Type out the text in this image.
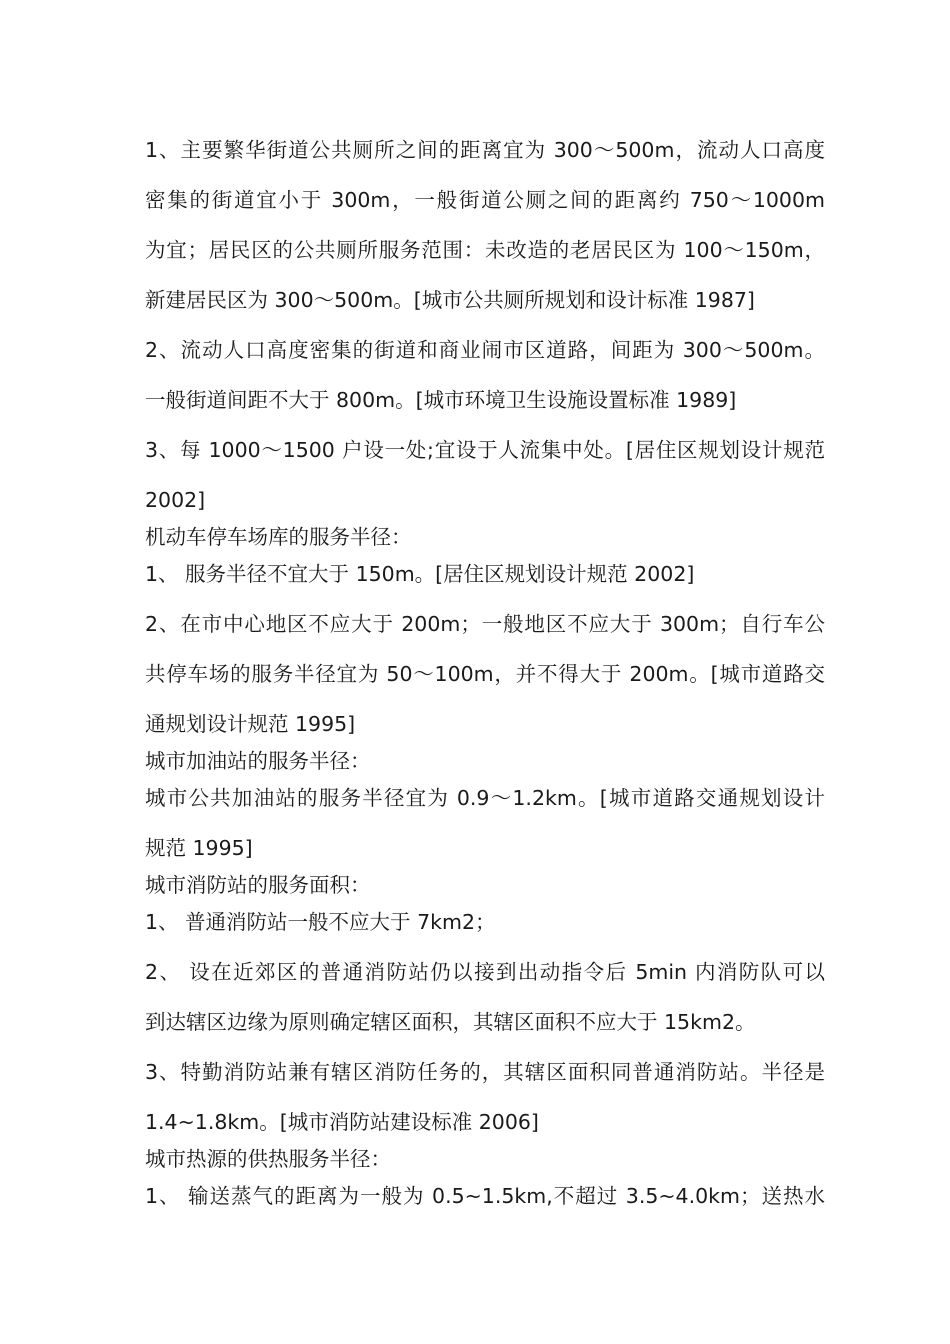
1、主要繁华街道公共厕所之间的距离宜为 300～500m，流动人口高度
密集的街道宜小于 300m，一般街道公厕之间的距离约 750～1000m
为宜；居民区的公共厕所服务范围：未改造的老居民区为 100～150m，
新建居民区为 300～500m。[城市公共厕所规划和设计标准 1987]
2、流动人口高度密集的街道和商业闹市区道路，间距为 300～500m。
一般街道间距不大于 800m。[城市环境卫生设施设置标准 1989]
3、每 1000～1500 户设一处;宜设于人流集中处。[居住区规划设计规范
2002]
机动车停车场库的服务半径：
1、 服务半径不宜大于 150m。[居住区规划设计规范 2002]
2、在市中心地区不应大于 200m；一般地区不应大于 300m；自行车公
共停车场的服务半径宜为 50～100m，并不得大于 200m。[城市道路交
通规划设计规范 1995]
城市加油站的服务半径：
城市公共加油站的服务半径宜为 0.9～1.2km。[城市道路交通规划设计
规范 1995]
城市消防站的服务面积：
1、 普通消防站一般不应大于 7km2；
2、 设在近郊区的普通消防站仍以接到出动指令后 5min 内消防队可以
到达辖区边缘为原则确定辖区面积，其辖区面积不应大于 15km2。
3、特勤消防站兼有辖区消防任务的，其辖区面积同普通消防站。半径是
1.4~1.8km。[城市消防站建设标准 2006]
城市热源的供热服务半径：
1、 输送蒸气的距离为一般为 0.5~1.5km,不超过 3.5~4.0km；送热水
